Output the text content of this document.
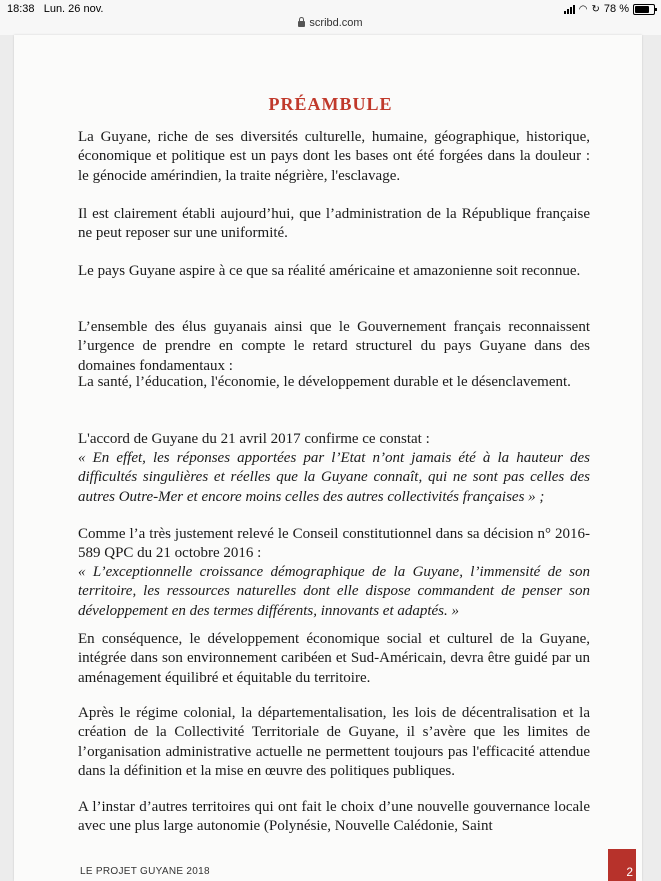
18:38 Lun. 26 nov.	◠ ↻ 78 %
scribd.com
PRÉAMBULE
La Guyane, riche de ses diversités culturelle, humaine, géographique, historique, économique et politique est un pays dont les bases ont été forgées dans la douleur : le génocide amérindien, la traite négrière, l'esclavage.
Il est clairement établi aujourd’hui, que l’administration de la République française ne peut reposer sur une uniformité.
Le pays Guyane aspire à ce que sa réalité américaine et amazonienne soit reconnue.
L’ensemble des élus guyanais ainsi que le Gouvernement français reconnaissent l’urgence de prendre en compte le retard structurel du pays Guyane dans des domaines fondamentaux :
La santé, l’éducation, l'économie, le développement durable et le désenclavement.
L'accord de Guyane du 21 avril 2017 confirme ce constat :
« En effet, les réponses apportées par l’Etat n’ont jamais été à la hauteur des difficultés singulières et réelles que la Guyane connaît, qui ne sont pas celles des autres Outre-Mer et encore moins celles des autres collectivités françaises » ;
Comme l’a très justement relevé le Conseil constitutionnel dans sa décision n° 2016-589 QPC du 21 octobre 2016 :
« L’exceptionnelle croissance démographique de la Guyane, l’immensité de son territoire, les ressources naturelles dont elle dispose commandent de penser son développement en des termes différents, innovants et adaptés. »
En conséquence, le développement économique social et culturel de la Guyane, intégrée dans son environnement caribéen et Sud-Américain, devra être guidé par un aménagement équilibré et équitable du territoire.
Après le régime colonial, la départementalisation, les lois de décentralisation et la création de la Collectivité Territoriale de Guyane, il s’avère que les limites de l’organisation administrative actuelle ne permettent toujours pas l'efficacité attendue dans la définition et la mise en œuvre des politiques publiques.
A l’instar d’autres territoires qui ont fait le choix d’une nouvelle gouvernance locale avec une plus large autonomie (Polynésie, Nouvelle Calédonie, Saint
LE PROJET GUYANE 2018	2
